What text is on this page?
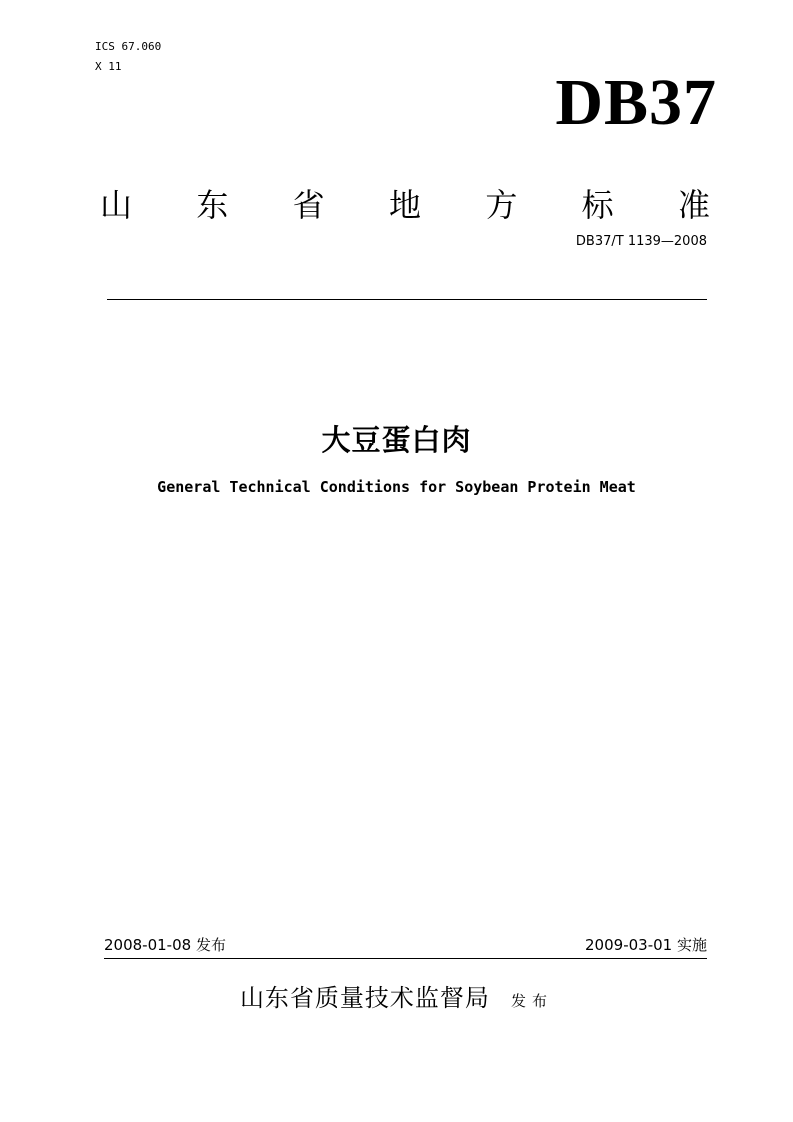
ICS 67.060
X 11	DB37
山 东 省 地 方 标 准
DB37/T 1139—2008
大豆蛋白肉
General Technical Conditions for Soybean Protein Meat
2008-01-08 发布	2009-03-01 实施
山东省质量技术监督局 发布
